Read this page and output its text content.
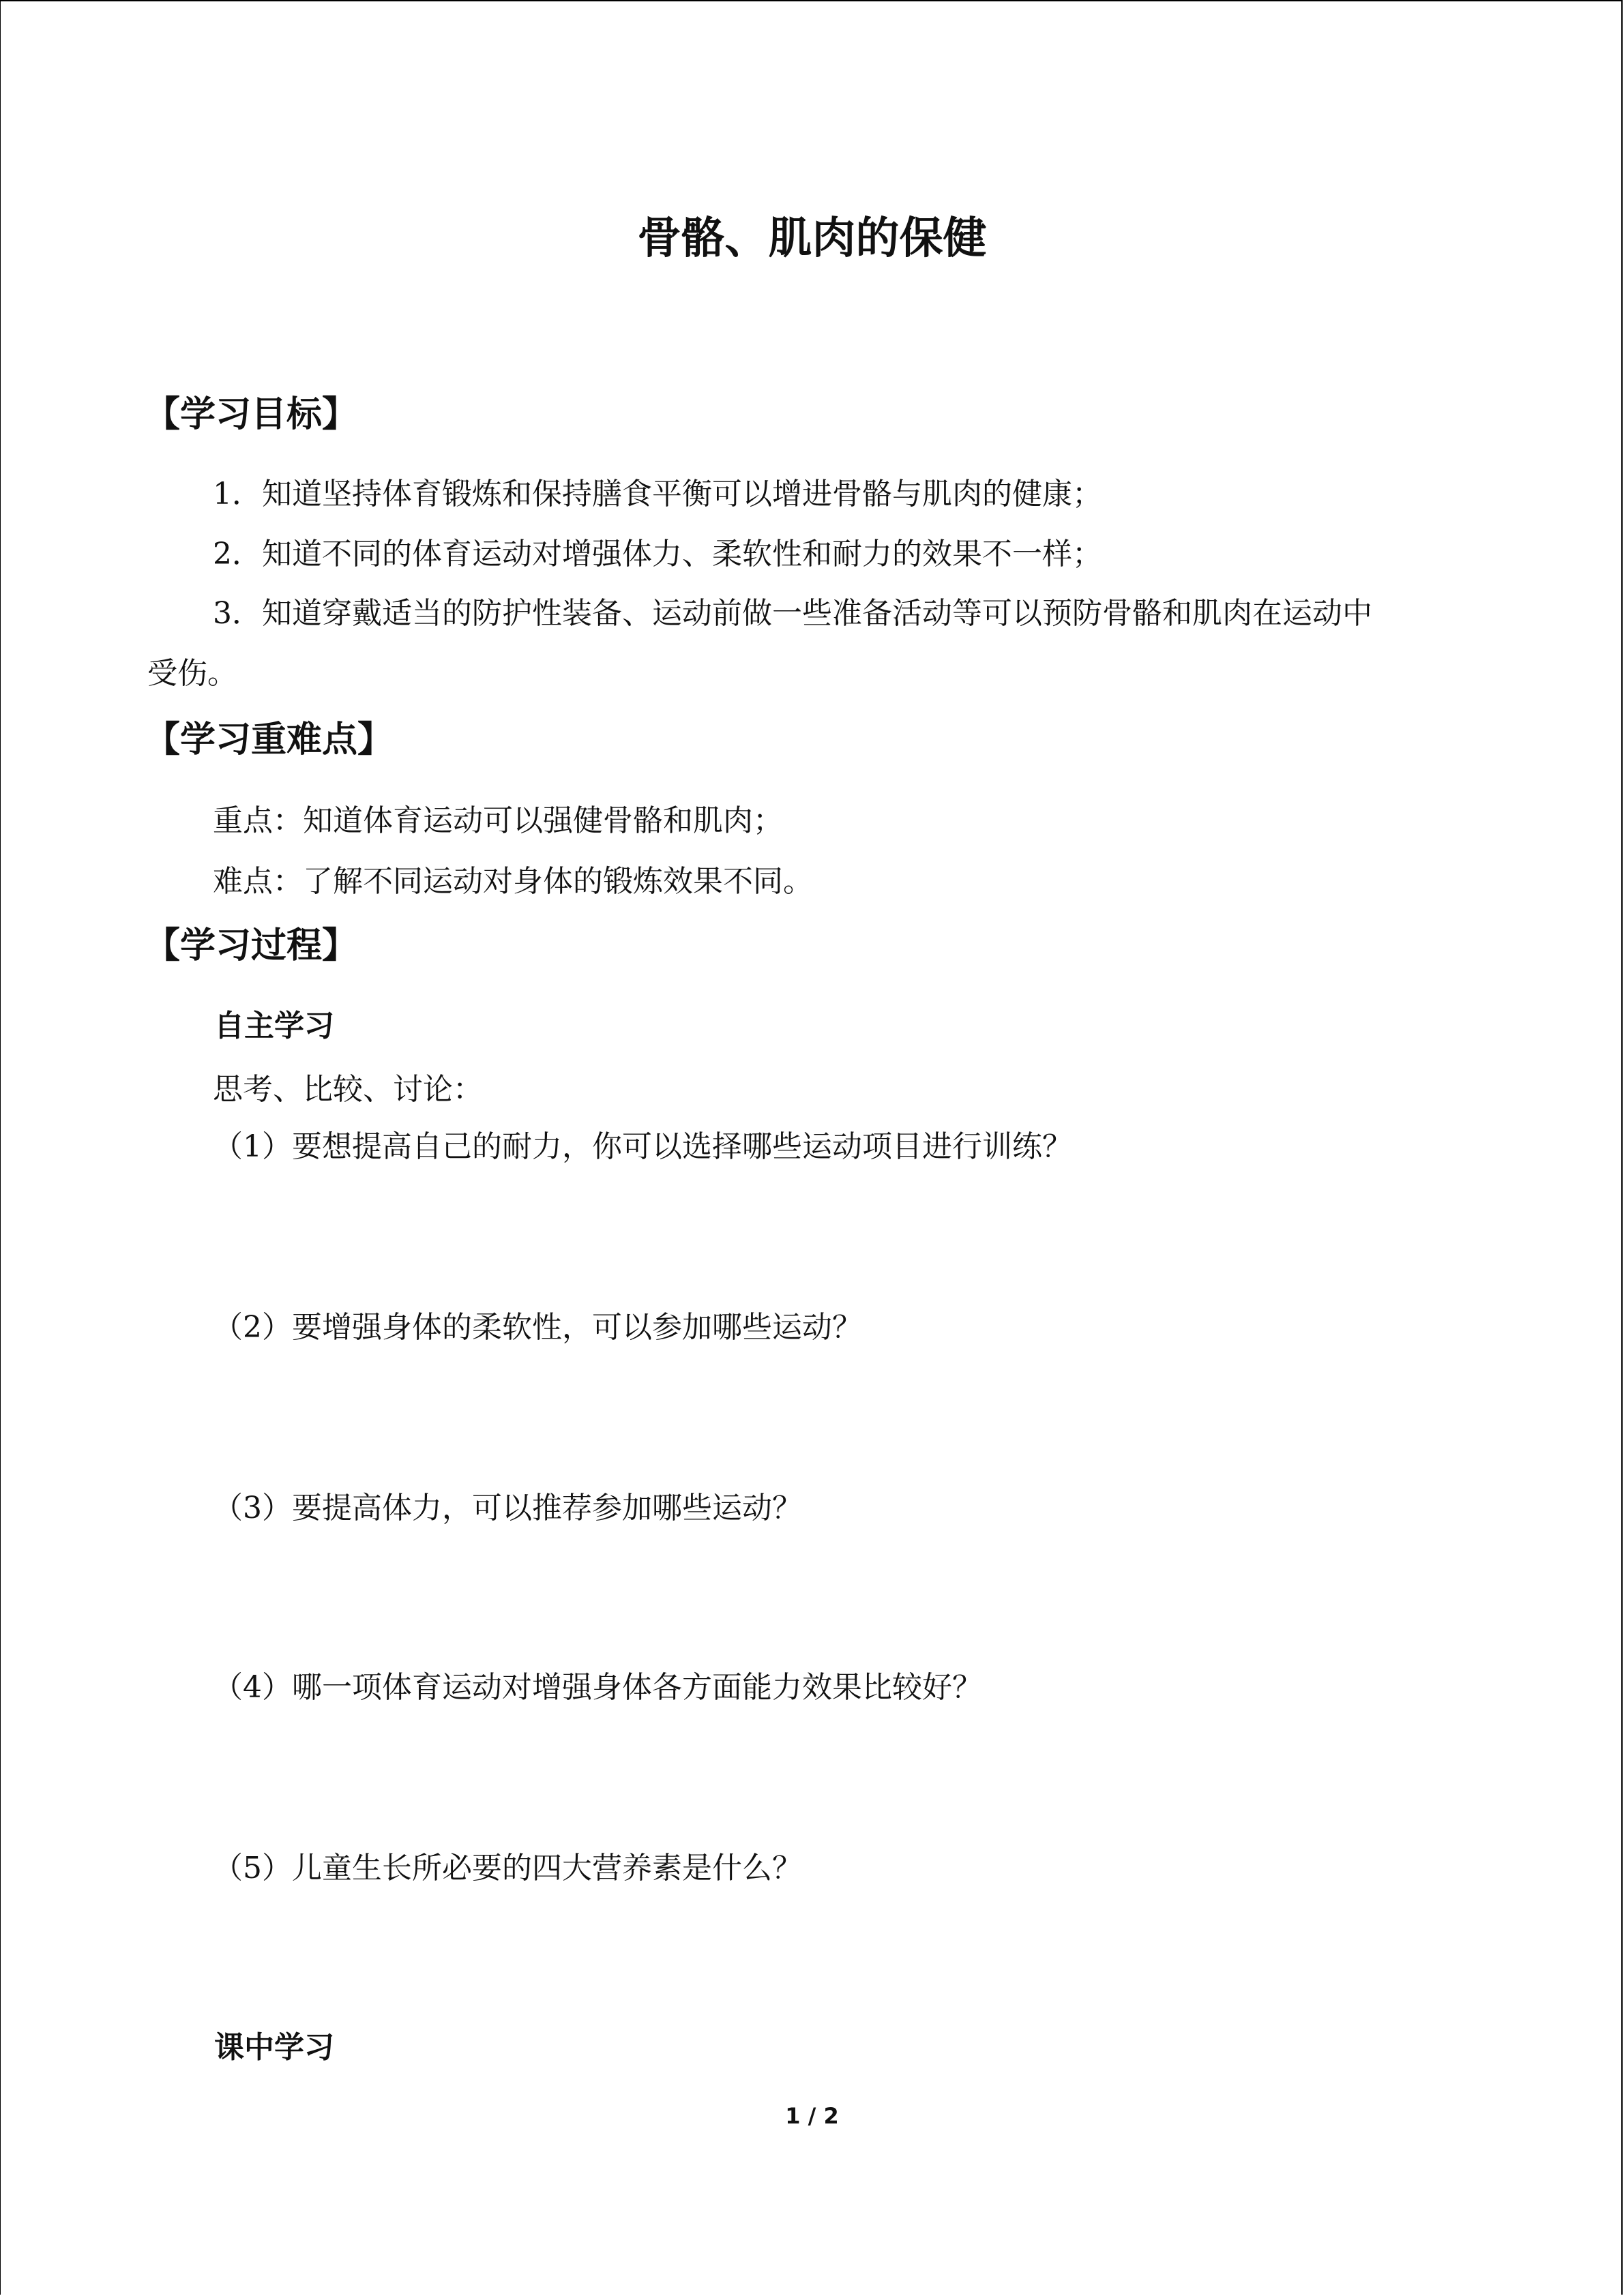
骨骼、肌肉的保健
【学习目标】
1．知道坚持体育锻炼和保持膳食平衡可以增进骨骼与肌肉的健康；
2．知道不同的体育运动对增强体力、柔软性和耐力的效果不一样；
3．知道穿戴适当的防护性装备、运动前做一些准备活动等可以预防骨骼和肌肉在运动中
受伤。
【学习重难点】
重点：知道体育运动可以强健骨骼和肌肉；
难点：了解不同运动对身体的锻炼效果不同。
【学习过程】
自主学习
思考、比较、讨论：
（1）要想提高自己的耐力，你可以选择哪些运动项目进行训练？
（2）要增强身体的柔软性，可以参加哪些运动？
（3）要提高体力，可以推荐参加哪些运动？
（4）哪一项体育运动对增强身体各方面能力效果比较好？
（5）儿童生长所必要的四大营养素是什么？
课中学习
1 / 2
